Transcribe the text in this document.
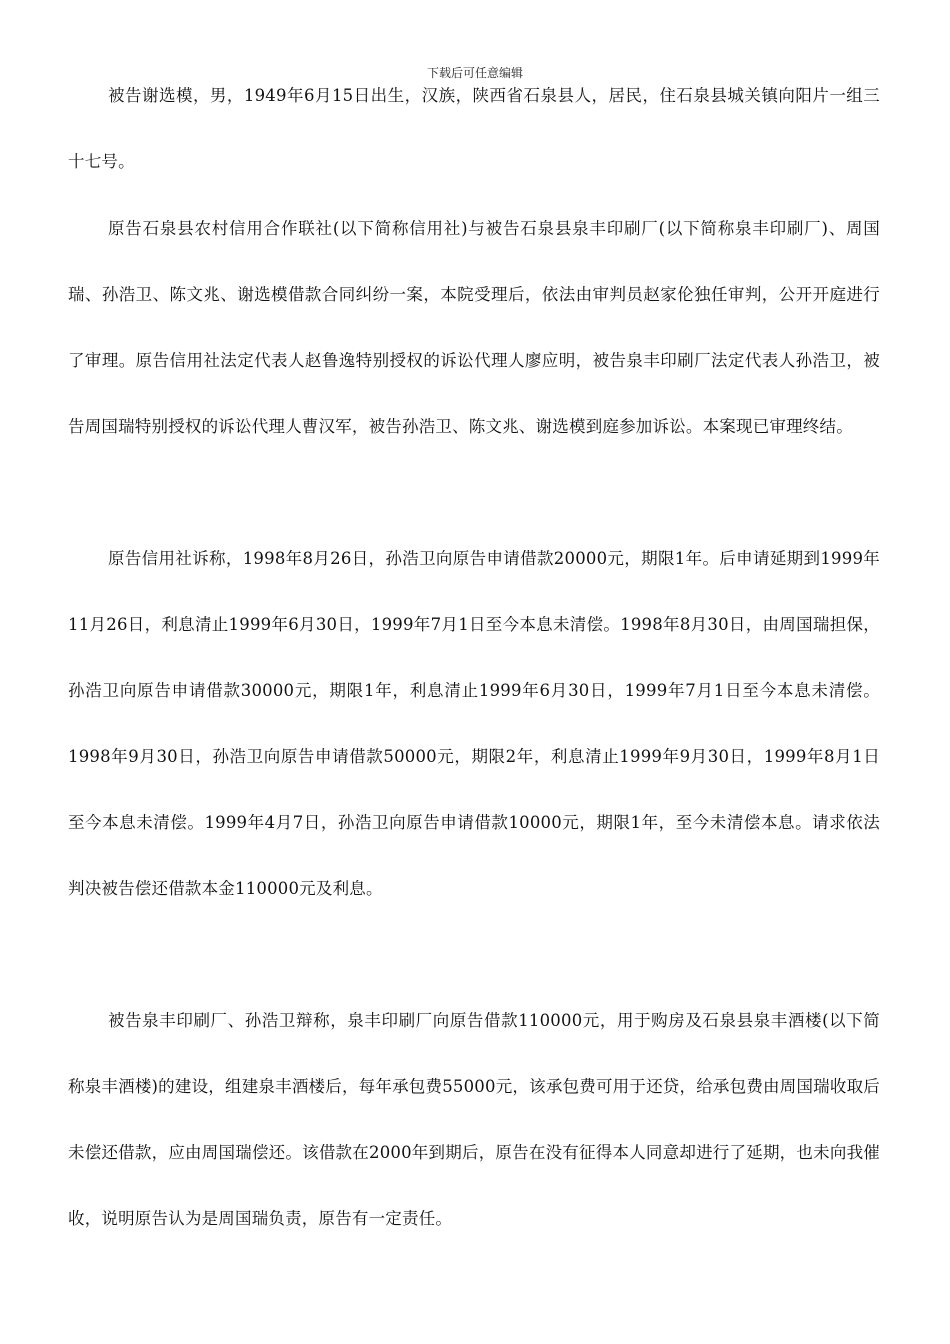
下载后可任意编辑

被告谢选模，男，1949年6月15日出生，汉族，陕西省石泉县人，居民，住石泉县城关镇向阳片一组三十七号。

原告石泉县农村信用合作联社(以下简称信用社)与被告石泉县泉丰印刷厂(以下简称泉丰印刷厂)、周国瑞、孙浩卫、陈文兆、谢选模借款合同纠纷一案，本院受理后，依法由审判员赵家伦独任审判，公开开庭进行了审理。原告信用社法定代表人赵鲁逸特别授权的诉讼代理人廖应明，被告泉丰印刷厂法定代表人孙浩卫，被告周国瑞特别授权的诉讼代理人曹汉军，被告孙浩卫、陈文兆、谢选模到庭参加诉讼。本案现已审理终结。

原告信用社诉称，1998年8月26日，孙浩卫向原告申请借款20000元，期限1年。后申请延期到1999年11月26日，利息清止1999年6月30日，1999年7月1日至今本息未清偿。1998年8月30日，由周国瑞担保，孙浩卫向原告申请借款30000元，期限1年，利息清止1999年6月30日，1999年7月1日至今本息未清偿。1998年9月30日，孙浩卫向原告申请借款50000元，期限2年，利息清止1999年9月30日，1999年8月1日至今本息未清偿。1999年4月7日，孙浩卫向原告申请借款10000元，期限1年，至今未清偿本息。请求依法判决被告偿还借款本金110000元及利息。

被告泉丰印刷厂、孙浩卫辩称，泉丰印刷厂向原告借款110000元，用于购房及石泉县泉丰酒楼(以下简称泉丰酒楼)的建设，组建泉丰酒楼后，每年承包费55000元，该承包费可用于还贷，给承包费由周国瑞收取后未偿还借款，应由周国瑞偿还。该借款在2000年到期后，原告在没有征得本人同意却进行了延期，也未向我催收，说明原告认为是周国瑞负责，原告有一定责任。
